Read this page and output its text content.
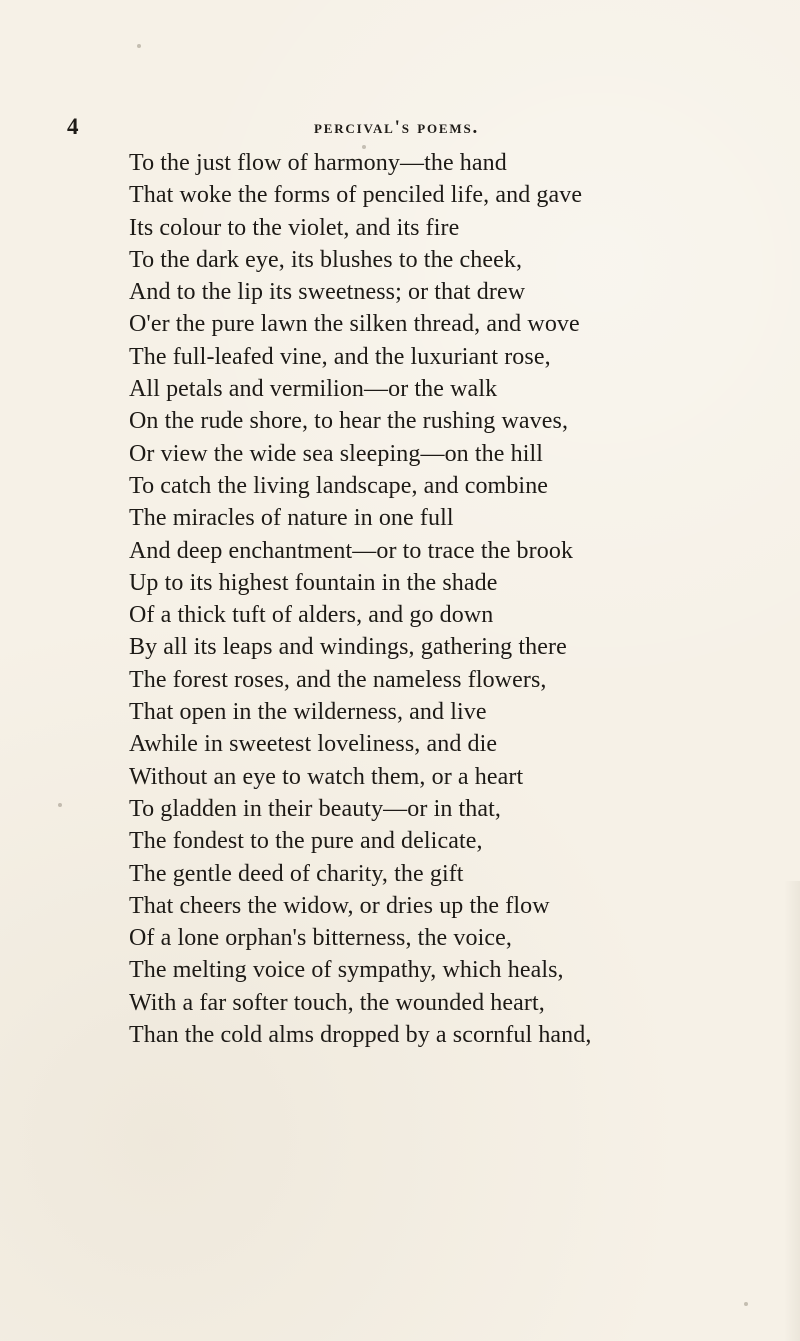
4	percival's poems.
To the just flow of harmony—the hand
That woke the forms of penciled life, and gave
Its colour to the violet, and its fire
To the dark eye, its blushes to the cheek,
And to the lip its sweetness; or that drew
O'er the pure lawn the silken thread, and wove
The full-leafed vine, and the luxuriant rose,
All petals and vermilion—or the walk
On the rude shore, to hear the rushing waves,
Or view the wide sea sleeping—on the hill
To catch the living landscape, and combine
The miracles of nature in one full
And deep enchantment—or to trace the brook
Up to its highest fountain in the shade
Of a thick tuft of alders, and go down
By all its leaps and windings, gathering there
The forest roses, and the nameless flowers,
That open in the wilderness, and live
Awhile in sweetest loveliness, and die
Without an eye to watch them, or a heart
To gladden in their beauty—or in that,
The fondest to the pure and delicate,
The gentle deed of charity, the gift
That cheers the widow, or dries up the flow
Of a lone orphan's bitterness, the voice,
The melting voice of sympathy, which heals,
With a far softer touch, the wounded heart,
Than the cold alms dropped by a scornful hand,
